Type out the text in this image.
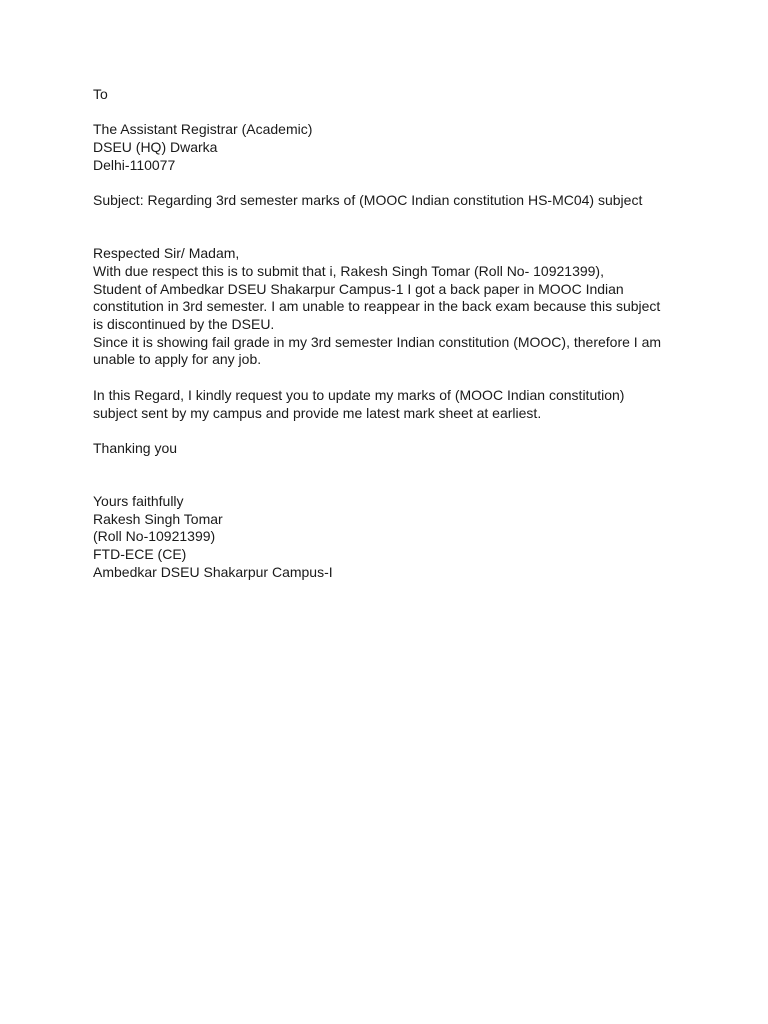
To
The Assistant Registrar (Academic)
DSEU (HQ) Dwarka
Delhi-110077
Subject: Regarding 3rd semester marks of (MOOC Indian constitution HS-MC04) subject
Respected Sir/ Madam,
With due respect this is to submit that i, Rakesh Singh Tomar (Roll No- 10921399),
Student of Ambedkar DSEU Shakarpur Campus-1 I got a back paper in MOOC Indian
constitution in 3rd semester. I am unable to reappear in the back exam because this subject
is discontinued by the DSEU.
Since it is showing fail grade in my 3rd semester Indian constitution (MOOC), therefore I am
unable to apply for any job.
In this Regard, I kindly request you to update my marks of (MOOC Indian constitution)
subject sent by my campus and provide me latest mark sheet at earliest.
Thanking you
Yours faithfully
Rakesh Singh Tomar
(Roll No-10921399)
FTD-ECE (CE)
Ambedkar DSEU Shakarpur Campus-I
